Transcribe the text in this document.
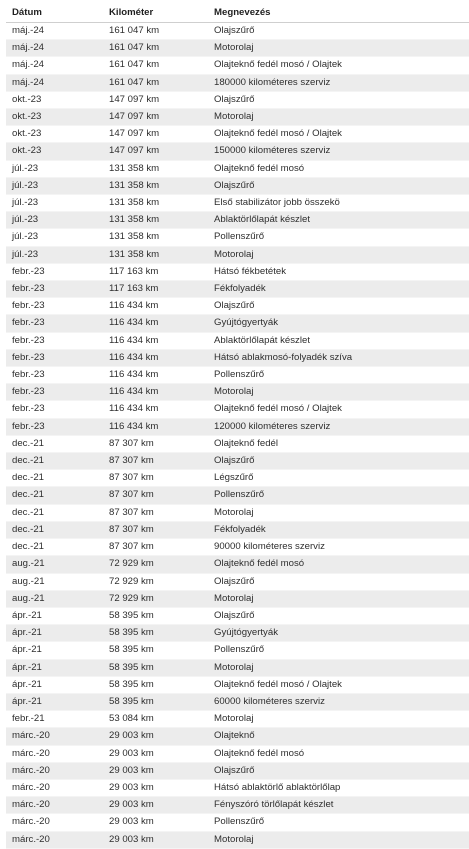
Dátum	Kilométer	Megnevezés
máj.-24	161 047 km	Olajszűrő
máj.-24	161 047 km	Motorolaj
máj.-24	161 047 km	Olajteknő fedél mosó / Olajtek
máj.-24	161 047 km	180000 kilométeres szerviz
okt.-23	147 097 km	Olajszűrő
okt.-23	147 097 km	Motorolaj
okt.-23	147 097 km	Olajteknő fedél mosó / Olajtek
okt.-23	147 097 km	150000 kilométeres szerviz
júl.-23	131 358 km	Olajteknő fedél mosó
júl.-23	131 358 km	Olajszűrő
júl.-23	131 358 km	Első stabilizátor jobb összekö
júl.-23	131 358 km	Ablaktörlőlapát készlet
júl.-23	131 358 km	Pollenszűrő
júl.-23	131 358 km	Motorolaj
febr.-23	117 163 km	Hátsó fékbetétek
febr.-23	117 163 km	Fékfolyadék
febr.-23	116 434 km	Olajszűrő
febr.-23	116 434 km	Gyújtógyertyák
febr.-23	116 434 km	Ablaktörlőlapát készlet
febr.-23	116 434 km	Hátsó ablakmosó-folyadék szíva
febr.-23	116 434 km	Pollenszűrő
febr.-23	116 434 km	Motorolaj
febr.-23	116 434 km	Olajteknő fedél mosó / Olajtek
febr.-23	116 434 km	120000 kilométeres szerviz
dec.-21	87 307 km	Olajteknő fedél
dec.-21	87 307 km	Olajszűrő
dec.-21	87 307 km	Légszűrő
dec.-21	87 307 km	Pollenszűrő
dec.-21	87 307 km	Motorolaj
dec.-21	87 307 km	Fékfolyadék
dec.-21	87 307 km	90000 kilométeres szerviz
aug.-21	72 929 km	Olajteknő fedél mosó
aug.-21	72 929 km	Olajszűrő
aug.-21	72 929 km	Motorolaj
ápr.-21	58 395 km	Olajszűrő
ápr.-21	58 395 km	Gyújtógyertyák
ápr.-21	58 395 km	Pollenszűrő
ápr.-21	58 395 km	Motorolaj
ápr.-21	58 395 km	Olajteknő fedél mosó / Olajtek
ápr.-21	58 395 km	60000 kilométeres szerviz
febr.-21	53 084 km	Motorolaj
márc.-20	29 003 km	Olajteknő
márc.-20	29 003 km	Olajteknő fedél mosó
márc.-20	29 003 km	Olajszűrő
márc.-20	29 003 km	Hátsó ablaktörlő ablaktörlőlap
márc.-20	29 003 km	Fényszóró törlőlapát készlet
márc.-20	29 003 km	Pollenszűrő
márc.-20	29 003 km	Motorolaj
